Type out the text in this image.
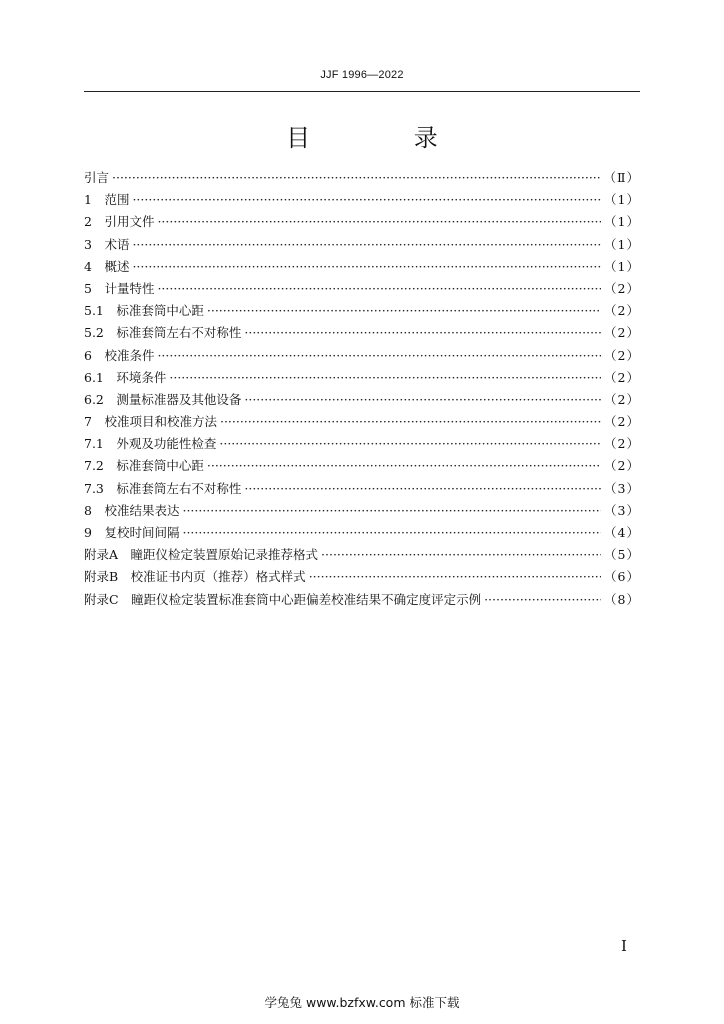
JJF 1996—2022
目 录
引言 ·····	（Ⅱ）
1　范围 ·····	（1）
2　引用文件 ·····	（1）
3　术语 ·····	（1）
4　概述 ·····	（1）
5　计量特性 ·····	（2）
5.1　标准套筒中心距 ·····	（2）
5.2　标准套筒左右不对称性 ·····	（2）
6　校准条件 ·····	（2）
6.1　环境条件 ·····	（2）
6.2　测量标准器及其他设备 ·····	（2）
7　校准项目和校准方法 ·····	（2）
7.1　外观及功能性检查 ·····	（2）
7.2　标准套筒中心距 ·····	（2）
7.3　标准套筒左右不对称性 ·····	（3）
8　校准结果表达 ·····	（3）
9　复校时间间隔 ·····	（4）
附录A　瞳距仪检定装置原始记录推荐格式 ·····	（5）
附录B　校准证书内页（推荐）格式样式 ·····	（6）
附录C　瞳距仪检定装置标准套筒中心距偏差校准结果不确定度评定示例 ·····	（8）
Ⅰ
学兔兔 www.bzfxw.com 标准下载
